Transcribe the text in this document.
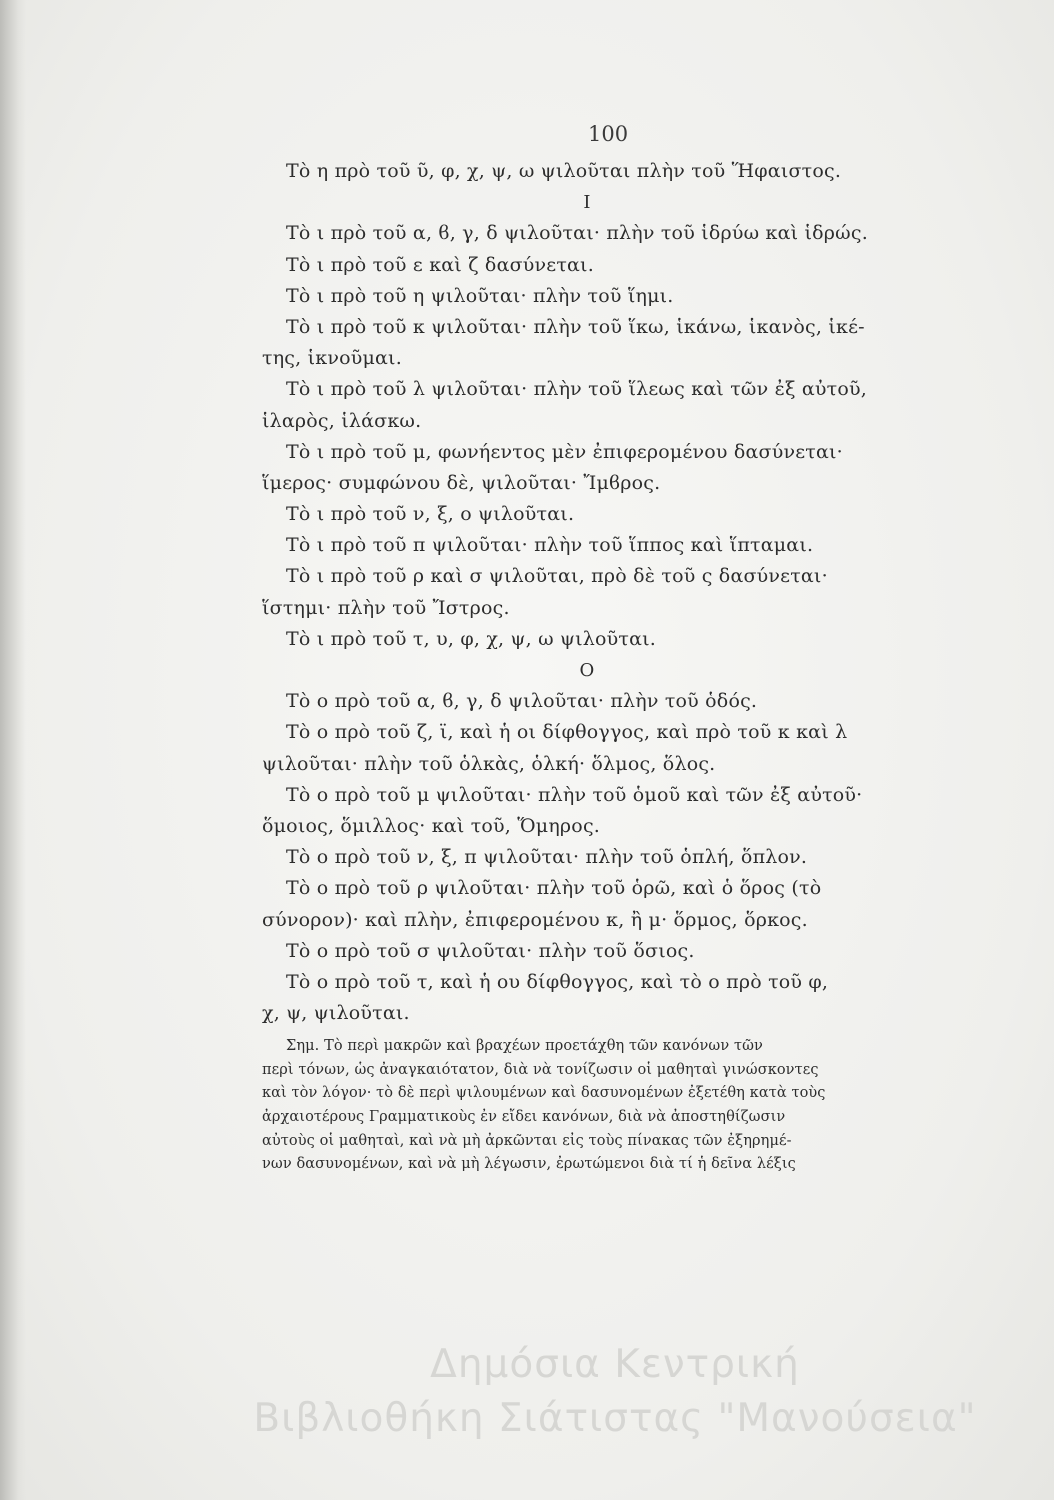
100
Τὸ η πρὸ τοῦ ῦ, φ, χ, ψ, ω ψιλοῦται πλὴν τοῦ Ἥφαιστος.
Ι
Τὸ ι πρὸ τοῦ α, ϐ, γ, δ ψιλοῦται· πλὴν τοῦ ἱδρύω καὶ ἱδρώς.
Τὸ ι πρὸ τοῦ ε καὶ ζ δασύνεται.
Τὸ ι πρὸ τοῦ η ψιλοῦται· πλὴν τοῦ ἵημι.
Τὸ ι πρὸ τοῦ κ ψιλοῦται· πλὴν τοῦ ἵκω, ἱκάνω, ἱκανὸς, ἱκέ-
της, ἱκνοῦμαι.
Τὸ ι πρὸ τοῦ λ ψιλοῦται· πλὴν τοῦ ἵλεως καὶ τῶν ἐξ αὐτοῦ,
ἱλαρὸς, ἱλάσκω.
Τὸ ι πρὸ τοῦ μ, φωνήεντος μὲν ἐπιφερομένου δασύνεται·
ἵμερος· συμφώνου δὲ, ψιλοῦται· Ἴμϐρος.
Τὸ ι πρὸ τοῦ ν, ξ, ο ψιλοῦται.
Τὸ ι πρὸ τοῦ π ψιλοῦται· πλὴν τοῦ ἵππος καὶ ἵπταμαι.
Τὸ ι πρὸ τοῦ ρ καὶ σ ψιλοῦται, πρὸ δὲ τοῦ ς δασύνεται·
ἵστημι· πλὴν τοῦ Ἴστρος.
Τὸ ι πρὸ τοῦ τ, υ, φ, χ, ψ, ω ψιλοῦται.
Ο
Τὸ ο πρὸ τοῦ α, ϐ, γ, δ ψιλοῦται· πλὴν τοῦ ὁδός.
Τὸ ο πρὸ τοῦ ζ, ϊ, καὶ ἡ οι δίφθογγος, καὶ πρὸ τοῦ κ καὶ λ
ψιλοῦται· πλὴν τοῦ ὁλκὰς, ὁλκή· ὅλμος, ὅλος.
Τὸ ο πρὸ τοῦ μ ψιλοῦται· πλὴν τοῦ ὁμοῦ καὶ τῶν ἐξ αὐτοῦ·
ὅμοιος, ὅμιλλος· καὶ τοῦ, Ὅμηρος.
Τὸ ο πρὸ τοῦ ν, ξ, π ψιλοῦται· πλὴν τοῦ ὁπλή, ὅπλον.
Τὸ ο πρὸ τοῦ ρ ψιλοῦται· πλὴν τοῦ ὁρῶ, καὶ ὁ ὅρος (τὸ
σύνορον)· καὶ πλὴν, ἐπιφερομένου κ, ἢ μ· ὅρμος, ὅρκος.
Τὸ ο πρὸ τοῦ σ ψιλοῦται· πλὴν τοῦ ὅσιος.
Τὸ ο πρὸ τοῦ τ, καὶ ἡ ου δίφθογγος, καὶ τὸ ο πρὸ τοῦ φ,
χ, ψ, ψιλοῦται.
Σημ. Τὸ περὶ μακρῶν καὶ βραχέων προετάχθη τῶν κανόνων τῶν
περὶ τόνων, ὡς ἀναγκαιότατον, διὰ νὰ τονίζωσιν οἱ μαθηταὶ γινώσκοντες
καὶ τὸν λόγον· τὸ δὲ περὶ ψιλουμένων καὶ δασυνομένων ἐξετέθη κατὰ τοὺς
ἀρχαιοτέρους Γραμματικοὺς ἐν εἴδει κανόνων, διὰ νὰ ἀποστηθίζωσιν
αὐτοὺς οἱ μαθηταὶ, καὶ νὰ μὴ ἀρκῶνται εἰς τοὺς πίνακας τῶν ἐξηρημέ-
νων δασυνομένων, καὶ νὰ μὴ λέγωσιν, ἐρωτώμενοι διὰ τί ἡ δεῖνα λέξις
Δημόσια Κεντρική
Βιβλιοθήκη Σιάτιστας "Μανούσεια"
